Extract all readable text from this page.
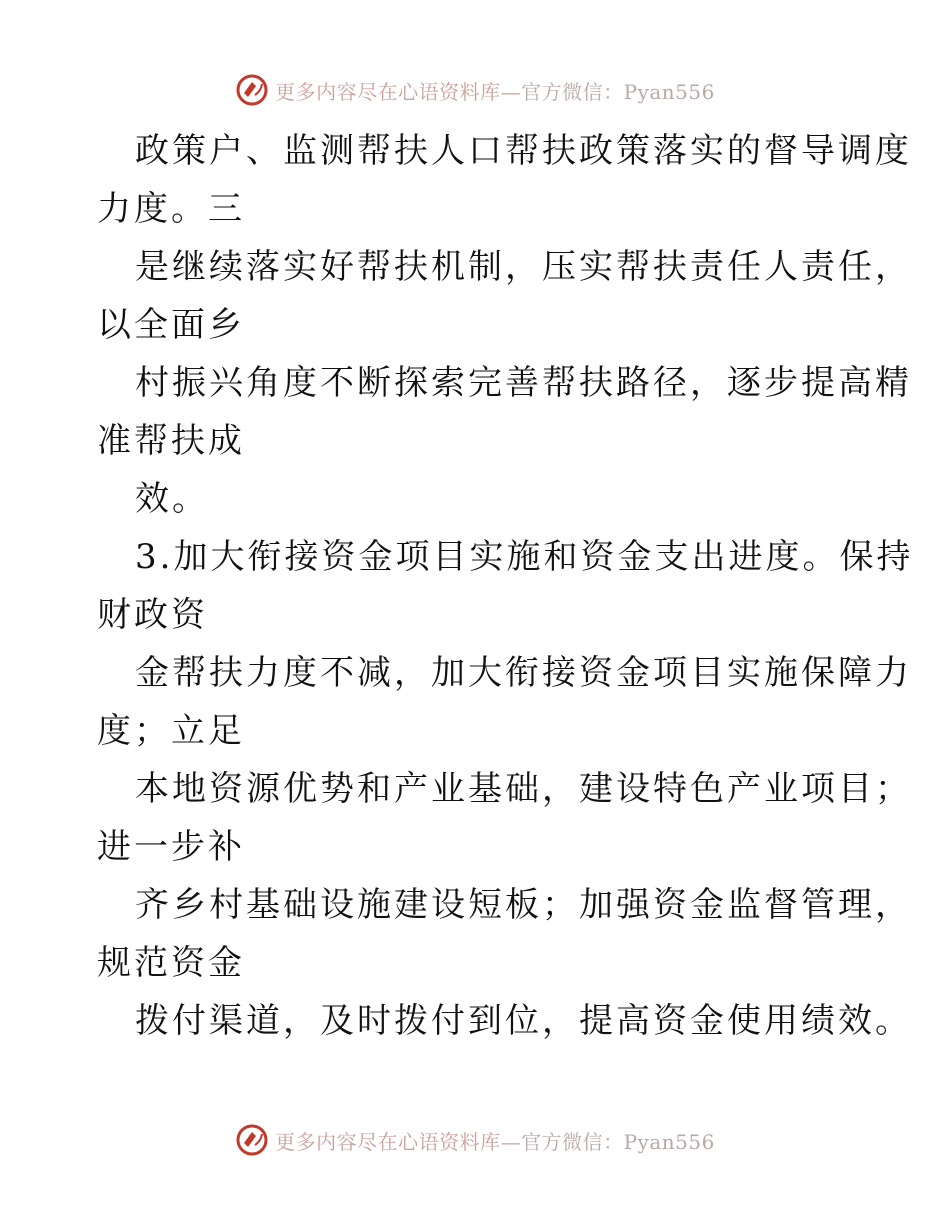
更多内容尽在心语资料库—官方微信：Pyan556
政策户、监测帮扶人口帮扶政策落实的督导调度
力度。三
是继续落实好帮扶机制，压实帮扶责任人责任，
以全面乡
村振兴角度不断探索完善帮扶路径，逐步提高精
准帮扶成
效。
3.加大衔接资金项目实施和资金支出进度。保持
财政资
金帮扶力度不减，加大衔接资金项目实施保障力
度；立足
本地资源优势和产业基础，建设特色产业项目；
进一步补
齐乡村基础设施建设短板；加强资金监督管理，
规范资金
拨付渠道，及时拨付到位，提高资金使用绩效。
更多内容尽在心语资料库—官方微信：Pyan556
